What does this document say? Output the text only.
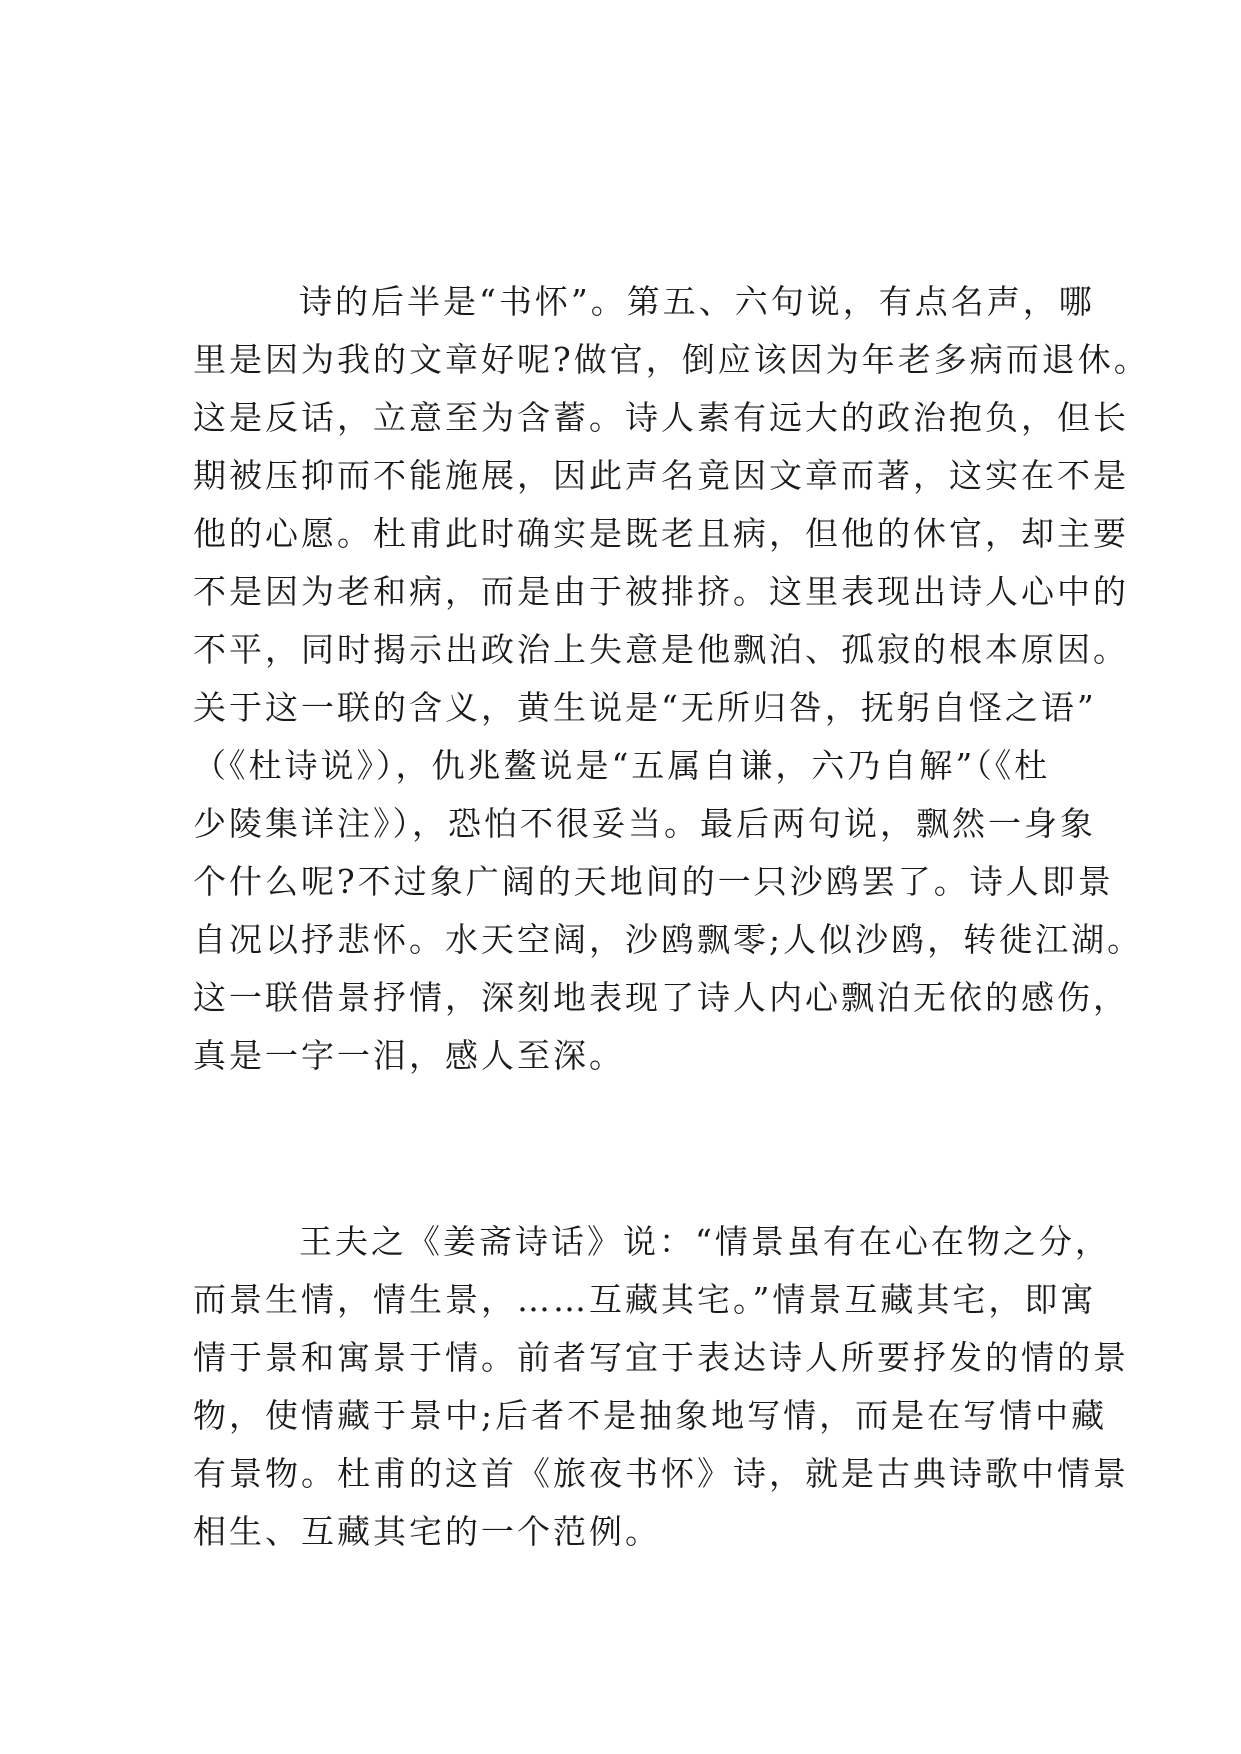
诗的后半是“书怀”。第五、六句说，有点名声，哪
里是因为我的文章好呢?做官，倒应该因为年老多病而退休。
这是反话，立意至为含蓄。诗人素有远大的政治抱负，但长
期被压抑而不能施展，因此声名竟因文章而著，这实在不是
他的心愿。杜甫此时确实是既老且病，但他的休官，却主要
不是因为老和病，而是由于被排挤。这里表现出诗人心中的
不平，同时揭示出政治上失意是他飘泊、孤寂的根本原因。
关于这一联的含义，黄生说是“无所归咎，抚躬自怪之语”
（《杜诗说》），仇兆鳌说是“五属自谦，六乃自解”（《杜
少陵集详注》），恐怕不很妥当。最后两句说，飘然一身象
个什么呢?不过象广阔的天地间的一只沙鸥罢了。诗人即景
自况以抒悲怀。水天空阔，沙鸥飘零;人似沙鸥，转徙江湖。
这一联借景抒情，深刻地表现了诗人内心飘泊无依的感伤，
真是一字一泪，感人至深。

王夫之《姜斋诗话》说：“情景虽有在心在物之分，
而景生情，情生景，……互藏其宅。”情景互藏其宅，即寓
情于景和寓景于情。前者写宜于表达诗人所要抒发的情的景
物，使情藏于景中;后者不是抽象地写情，而是在写情中藏
有景物。杜甫的这首《旅夜书怀》诗，就是古典诗歌中情景
相生、互藏其宅的一个范例。
